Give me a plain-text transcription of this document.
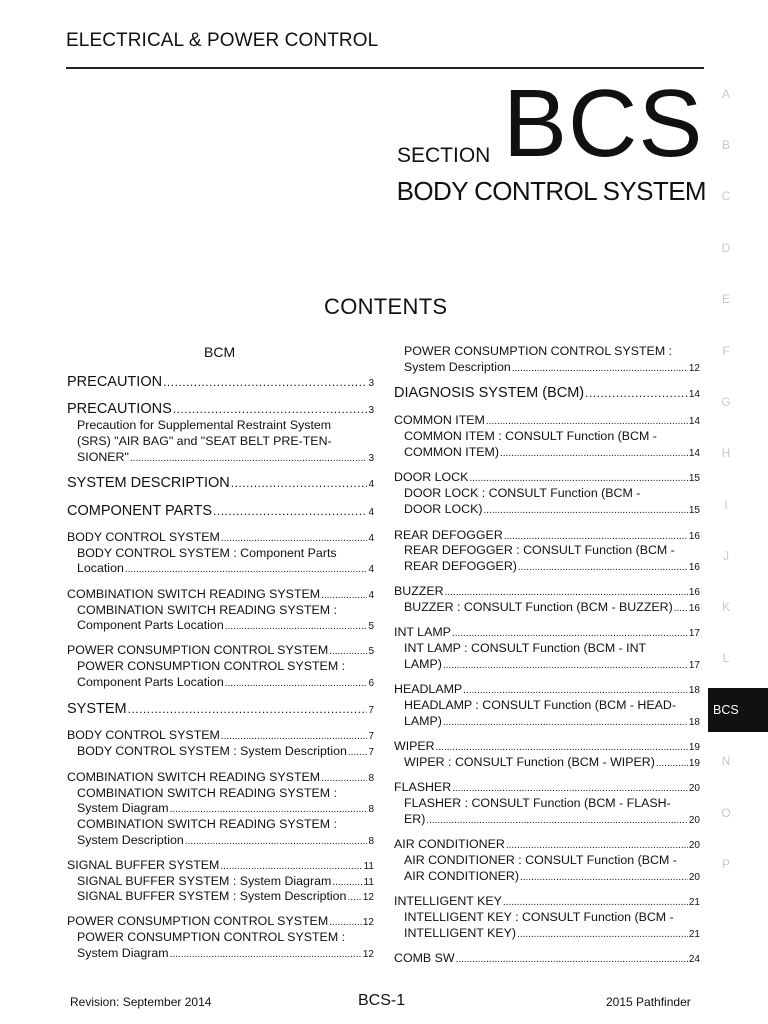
ELECTRICAL & POWER CONTROL
SECTION BCS
BODY CONTROL SYSTEM
CONTENTS
BCM
PRECAUTION .....	3
PRECAUTIONS .....	3
Precaution for Supplemental Restraint System
(SRS) "AIR BAG" and "SEAT BELT PRE-TEN-
SIONER" .....	3
SYSTEM DESCRIPTION .....	4
COMPONENT PARTS .....	4
BODY CONTROL SYSTEM .....	4
BODY CONTROL SYSTEM : Component Parts
Location .....	4
COMBINATION SWITCH READING SYSTEM .....	4
COMBINATION SWITCH READING SYSTEM :
Component Parts Location .....	5
POWER CONSUMPTION CONTROL SYSTEM .....	5
POWER CONSUMPTION CONTROL SYSTEM :
Component Parts Location .....	6
SYSTEM .....	7
BODY CONTROL SYSTEM .....	7
BODY CONTROL SYSTEM : System Description ..... 7
COMBINATION SWITCH READING SYSTEM .....	8
COMBINATION SWITCH READING SYSTEM :
System Diagram .....	8
COMBINATION SWITCH READING SYSTEM :
System Description .....	8
SIGNAL BUFFER SYSTEM .....	11
SIGNAL BUFFER SYSTEM : System Diagram .....	11
SIGNAL BUFFER SYSTEM : System Description ..... 12
POWER CONSUMPTION CONTROL SYSTEM .....	12
POWER CONSUMPTION CONTROL SYSTEM :
System Diagram .....	12
POWER CONSUMPTION CONTROL SYSTEM :
System Description .....	12
DIAGNOSIS SYSTEM (BCM) .....	14
COMMON ITEM .....	14
COMMON ITEM : CONSULT Function (BCM -
COMMON ITEM) .....	14
DOOR LOCK .....	15
DOOR LOCK : CONSULT Function (BCM -
DOOR LOCK) .....	15
REAR DEFOGGER .....	16
REAR DEFOGGER : CONSULT Function (BCM -
REAR DEFOGGER) .....	16
BUZZER .....	16
BUZZER : CONSULT Function (BCM - BUZZER) ..... 16
INT LAMP .....	17
INT LAMP : CONSULT Function (BCM - INT
LAMP) .....	17
HEADLAMP .....	18
HEADLAMP : CONSULT Function (BCM - HEAD-
LAMP) .....	18
WIPER .....	19
WIPER : CONSULT Function (BCM - WIPER) .....	19
FLASHER .....	20
FLASHER : CONSULT Function (BCM - FLASH-
ER) .....	20
AIR CONDITIONER .....	20
AIR CONDITIONER : CONSULT Function (BCM -
AIR CONDITIONER) .....	20
INTELLIGENT KEY .....	21
INTELLIGENT KEY : CONSULT Function (BCM -
INTELLIGENT KEY) .....	21
COMB SW .....	24
A
B
C
D
E
F
G
H
I
J
K
L
BCS
N
O
P
Revision: September 2014	BCS-1	2015 Pathfinder
